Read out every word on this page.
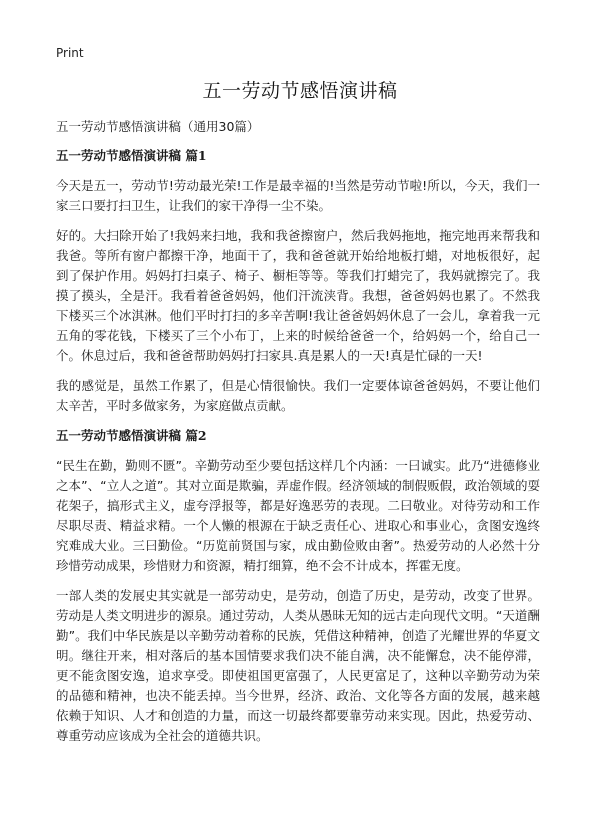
Print
五一劳动节感悟演讲稿

五一劳动节感悟演讲稿（通用30篇）

五一劳动节感悟演讲稿 篇1

今天是五一，劳动节!劳动最光荣!工作是最幸福的!当然是劳动节啦!所以，今天，我们一家三口要打扫卫生，让我们的家干净得一尘不染。

好的。大扫除开始了!我妈来扫地，我和我爸擦窗户，然后我妈拖地，拖完地再来帮我和我爸。等所有窗户都擦干净，地面干了，我和爸爸就开始给地板打蜡，对地板很好，起到了保护作用。妈妈打扫桌子、椅子、橱柜等等。等我们打蜡完了，我妈就擦完了。我摸了摸头，全是汗。我看着爸爸妈妈，他们汗流浃背。我想，爸爸妈妈也累了。不然我下楼买三个冰淇淋。他们平时打扫的多辛苦啊!我让爸爸妈妈休息了一会儿，拿着我一元五角的零花钱，下楼买了三个小布丁，上来的时候给爸爸一个，给妈妈一个，给自己一个。休息过后，我和爸爸帮助妈妈打扫家具.真是累人的一天!真是忙碌的一天!

我的感觉是，虽然工作累了，但是心情很愉快。我们一定要体谅爸爸妈妈，不要让他们太辛苦，平时多做家务，为家庭做点贡献。

五一劳动节感悟演讲稿 篇2

“民生在勤，勤则不匮”。辛勤劳动至少要包括这样几个内涵：一曰诚实。此乃“进德修业之本”、“立人之道”。其对立面是欺骗，弄虚作假。经济领域的制假贩假，政治领域的耍花架子，搞形式主义，虚夸浮报等，都是好逸恶劳的表现。二曰敬业。对待劳动和工作尽职尽责、精益求精。一个人懒的根源在于缺乏责任心、进取心和事业心，贪图安逸终究难成大业。三曰勤俭。“历览前贤国与家，成由勤俭败由奢”。热爱劳动的人必然十分珍惜劳动成果，珍惜财力和资源，精打细算，绝不会不计成本，挥霍无度。

一部人类的发展史其实就是一部劳动史，是劳动，创造了历史，是劳动，改变了世界。劳动是人类文明进步的源泉。通过劳动，人类从愚昧无知的远古走向现代文明。“天道酬勤”。我们中华民族是以辛勤劳动着称的民族，凭借这种精神，创造了光耀世界的华夏文明。继往开来，相对落后的基本国情要求我们决不能自满，决不能懈怠，决不能停滞，更不能贪图安逸，追求享受。即使祖国更富强了，人民更富足了，这种以辛勤劳动为荣的品德和精神，也决不能丢掉。当今世界，经济、政治、文化等各方面的发展，越来越依赖于知识、人才和创造的力量，而这一切最终都要靠劳动来实现。因此，热爱劳动、尊重劳动应该成为全社会的道德共识。
